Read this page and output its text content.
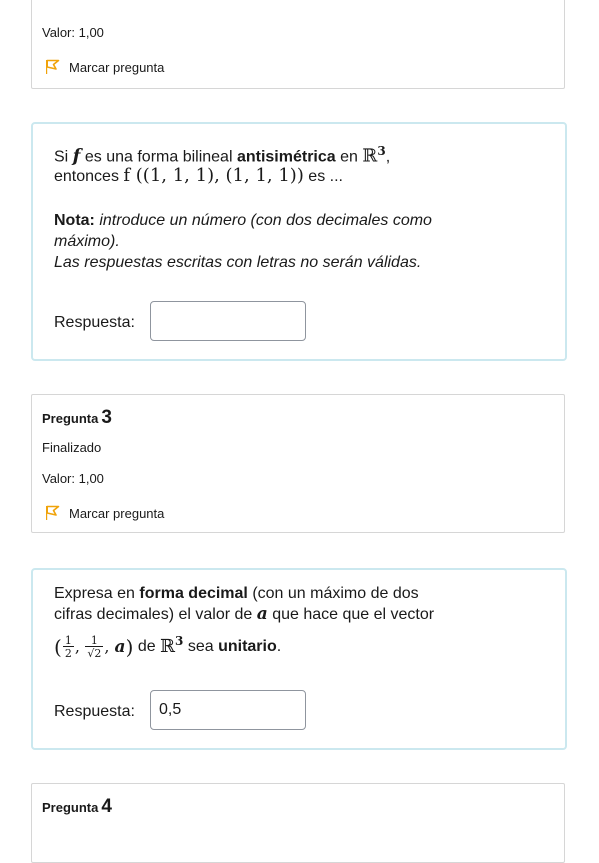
Valor: 1,00
Marcar pregunta
Si f es una forma bilineal antisimétrica en ℝ$^3$,
entonces f ((1, 1, 1), (1, 1, 1)) es ...
Nota: introduce un número (con dos decimales como
máximo).
Las respuestas escritas con letras no serán válidas.
Respuesta:
Pregunta 3
Finalizado
Valor: 1,00
Marcar pregunta
Expresa en forma decimal (con un máximo de dos
cifras decimales) el valor de a que hace que el vector
( $\frac{1}{2}$ , $\frac{1}{√2}$ , a) de ℝ$^3$ sea unitario.
Respuesta:
0,5
Pregunta 4
